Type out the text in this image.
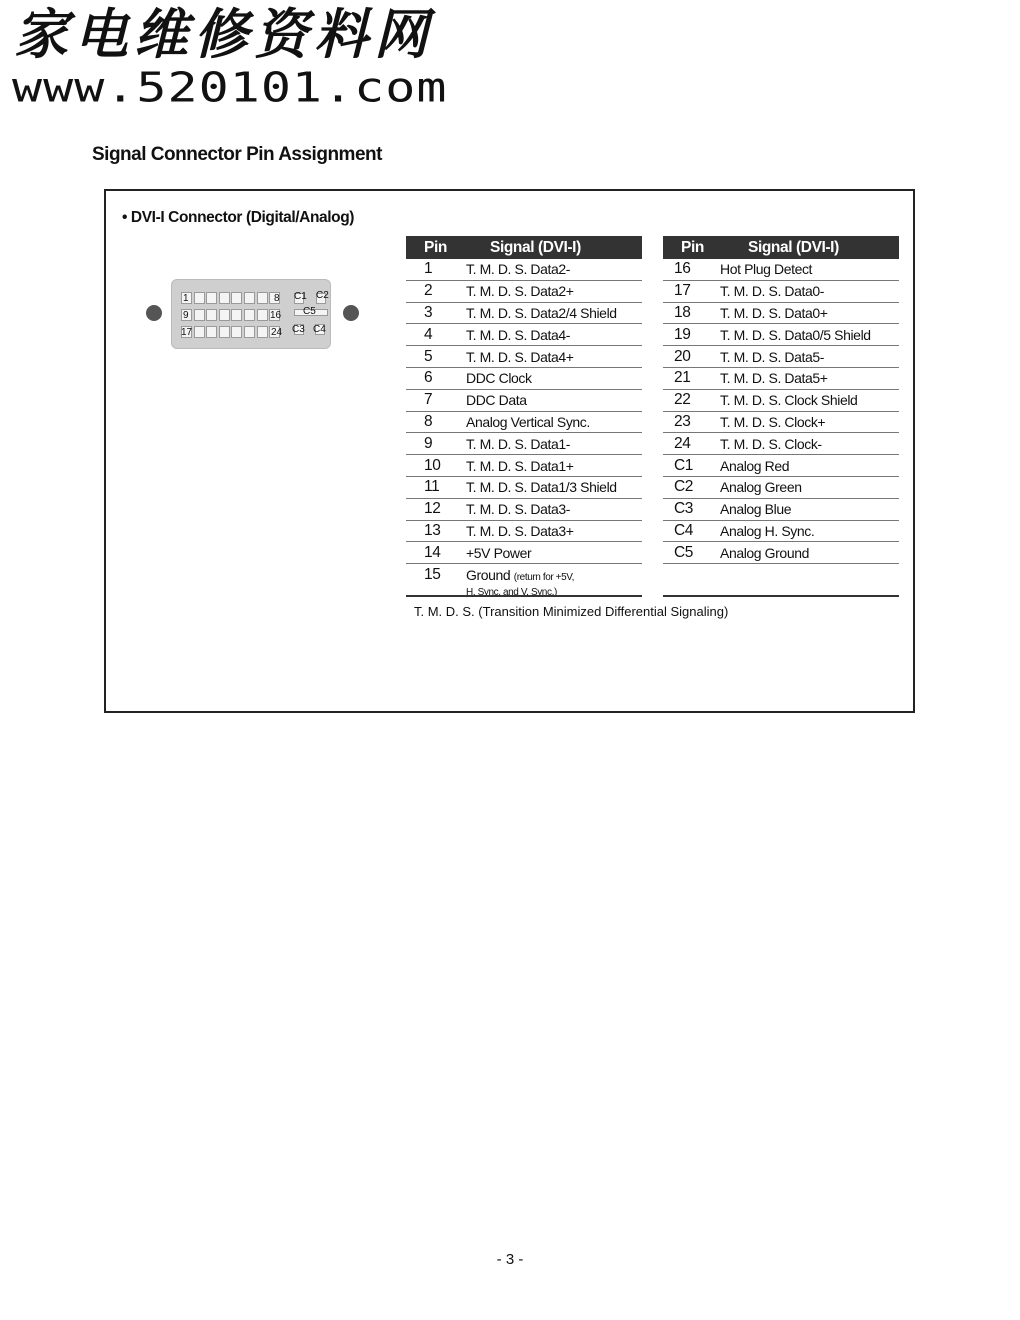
家电维修资料网
www.520101.com
Signal Connector Pin Assignment
• DVI-I Connector (Digital/Analog)
1	8
9	16
17	24
C1 C2
C5
C3 C4
Pin	Signal (DVI-I)
1	T. M. D. S. Data2-
2	T. M. D. S. Data2+
3	T. M. D. S. Data2/4 Shield
4	T. M. D. S. Data4-
5	T. M. D. S. Data4+
6	DDC Clock
7	DDC Data
8	Analog Vertical Sync.
9	T. M. D. S. Data1-
10	T. M. D. S. Data1+
11	T. M. D. S. Data1/3 Shield
12	T. M. D. S. Data3-
13	T. M. D. S. Data3+
14	+5V Power
15	Ground (return for +5V,
H. Sync. and V. Sync.)
Pin	Signal (DVI-I)
16	Hot Plug Detect
17	T. M. D. S. Data0-
18	T. M. D. S. Data0+
19	T. M. D. S. Data0/5 Shield
20	T. M. D. S. Data5-
21	T. M. D. S. Data5+
22	T. M. D. S. Clock Shield
23	T. M. D. S. Clock+
24	T. M. D. S. Clock-
C1	Analog Red
C2	Analog Green
C3	Analog Blue
C4	Analog H. Sync.
C5	Analog Ground
T. M. D. S. (Transition Minimized Differential Signaling)
- 3 -
